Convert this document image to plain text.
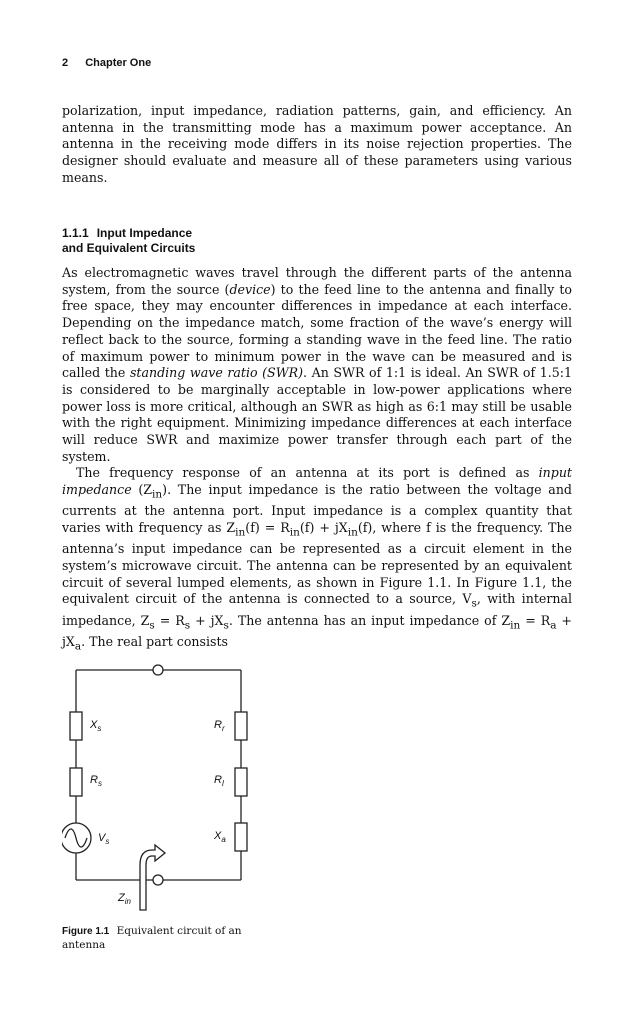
2 Chapter One

polarization, input impedance, radiation patterns, gain, and efficiency. An antenna in the transmitting mode has a maximum power acceptance. An antenna in the receiving mode differs in its noise rejection properties. The designer should evaluate and measure all of these parameters using various means.

1.1.1 Input Impedance
and Equivalent Circuits

As electromagnetic waves travel through the different parts of the antenna system, from the source (device) to the feed line to the antenna and finally to free space, they may encounter differences in impedance at each interface. Depending on the impedance match, some fraction of the wave’s energy will reflect back to the source, forming a standing wave in the feed line. The ratio of maximum power to minimum power in the wave can be measured and is called the standing wave ratio (SWR). An SWR of 1:1 is ideal. An SWR of 1.5:1 is considered to be marginally acceptable in low-power applications where power loss is more critical, although an SWR as high as 6:1 may still be usable with the right equipment. Minimizing impedance differences at each interface will reduce SWR and maximize power transfer through each part of the system.

The frequency response of an antenna at its port is defined as input impedance $(Z_{in})$. The input impedance is the ratio between the voltage and currents at the antenna port. Input impedance is a complex quantity that varies with frequency as $Z_{in}(f) = R_{in}(f) + jX_{in}(f)$, where f is the frequency. The antenna’s input impedance can be represented as a circuit element in the system’s microwave circuit. The antenna can be represented by an equivalent circuit of several lumped elements, as shown in Figure 1.1. In Figure 1.1, the equivalent circuit of the antenna is connected to a source, $V_s$, with internal impedance, $Z_s = R_s + jX_s$. The antenna has an input impedance of $Z_{in} = R_a + jX_a$. The real part consists

$X_s$
$R_s$
$V_s$
$R_r$
$R_l$
$X_a$
$Z_{in}$
Figure 1.1 Equivalent circuit of an antenna
